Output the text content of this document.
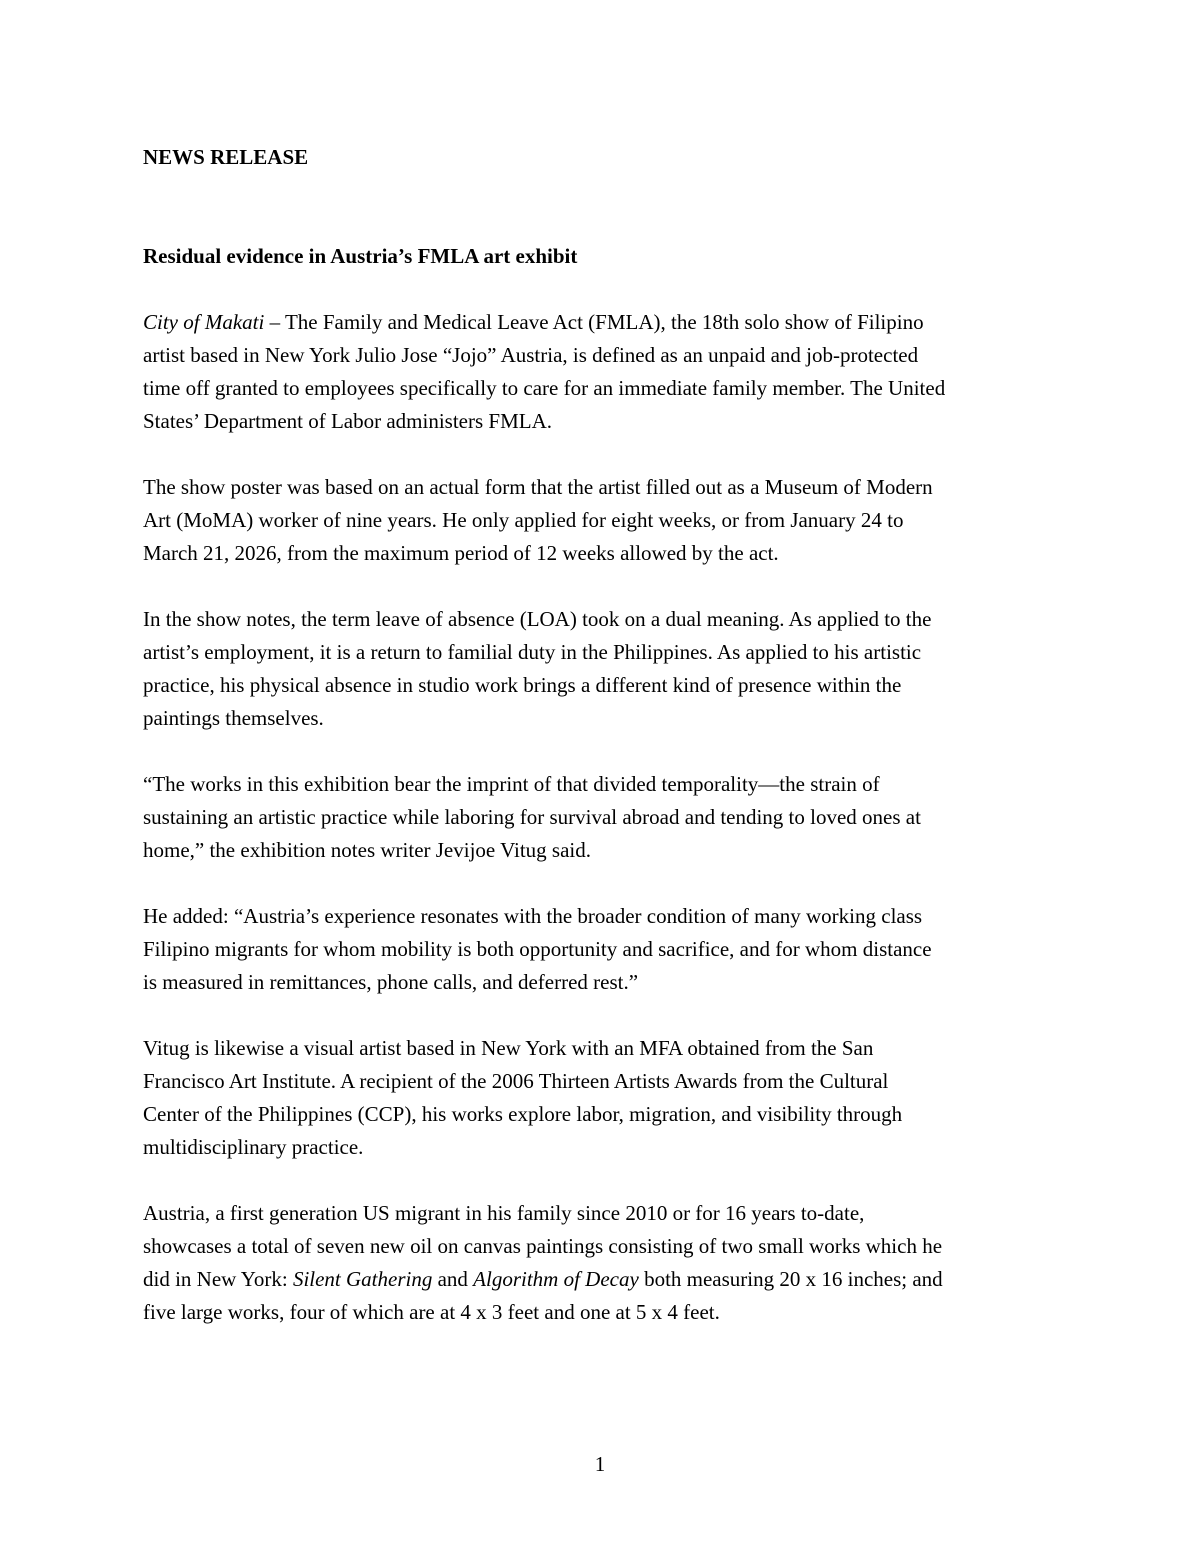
NEWS RELEASE

Residual evidence in Austria’s FMLA art exhibit

City of Makati – The Family and Medical Leave Act (FMLA), the 18th solo show of Filipino
artist based in New York Julio Jose “Jojo” Austria, is defined as an unpaid and job-protected
time off granted to employees specifically to care for an immediate family member. The United
States’ Department of Labor administers FMLA.

The show poster was based on an actual form that the artist filled out as a Museum of Modern
Art (MoMA) worker of nine years. He only applied for eight weeks, or from January 24 to
March 21, 2026, from the maximum period of 12 weeks allowed by the act.

In the show notes, the term leave of absence (LOA) took on a dual meaning. As applied to the
artist’s employment, it is a return to familial duty in the Philippines. As applied to his artistic
practice, his physical absence in studio work brings a different kind of presence within the
paintings themselves.

“The works in this exhibition bear the imprint of that divided temporality—the strain of
sustaining an artistic practice while laboring for survival abroad and tending to loved ones at
home,” the exhibition notes writer Jevijoe Vitug said.

He added: “Austria’s experience resonates with the broader condition of many working class
Filipino migrants for whom mobility is both opportunity and sacrifice, and for whom distance
is measured in remittances, phone calls, and deferred rest.”

Vitug is likewise a visual artist based in New York with an MFA obtained from the San
Francisco Art Institute. A recipient of the 2006 Thirteen Artists Awards from the Cultural
Center of the Philippines (CCP), his works explore labor, migration, and visibility through
multidisciplinary practice.

Austria, a first generation US migrant in his family since 2010 or for 16 years to-date,
showcases a total of seven new oil on canvas paintings consisting of two small works which he
did in New York: Silent Gathering and Algorithm of Decay both measuring 20 x 16 inches; and
five large works, four of which are at 4 x 3 feet and one at 5 x 4 feet.

1
